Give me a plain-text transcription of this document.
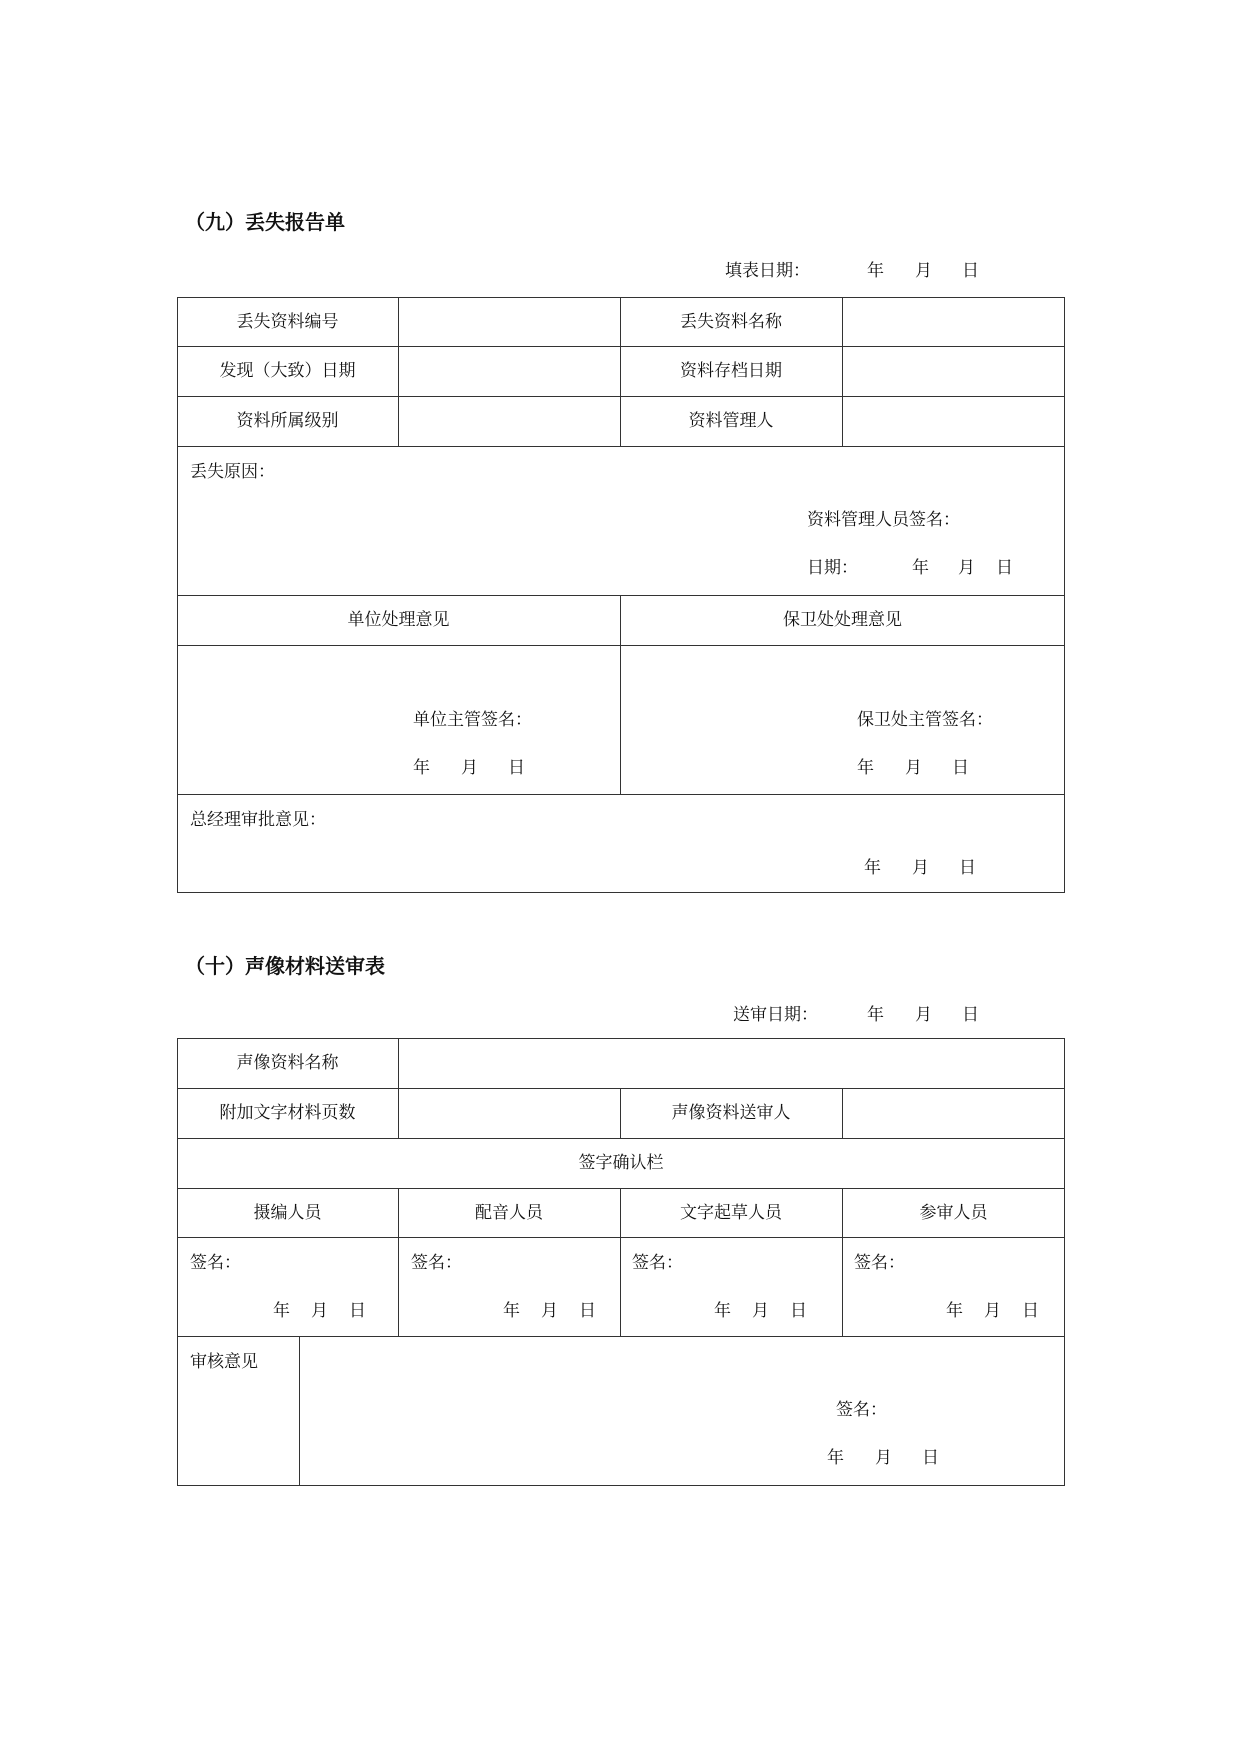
（九）丢失报告单
填表日期：	年 月 日
丢失资料编号	丢失资料名称
发现（大致）日期	资料存档日期
资料所属级别	资料管理人
丢失原因：
资料管理人员签名：
日期：	年 月 日
单位处理意见	保卫处处理意见
单位主管签名：
年 月 日
保卫处主管签名：
年 月 日
总经理审批意见：
年 月 日
（十）声像材料送审表
送审日期：	年 月 日
声像资料名称
附加文字材料页数	声像资料送审人
签字确认栏
摄编人员	配音人员	文字起草人员	参审人员
签名：
年 月 日
签名：
年 月 日
签名：
年 月 日
签名：
年 月 日
审核意见
签名：
年 月 日
